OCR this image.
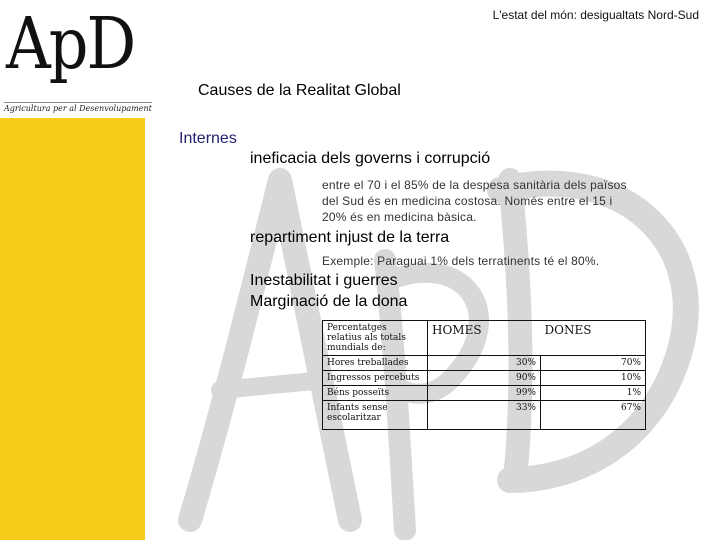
ApD
Agricultura per al Desenvolupament
L'estat del món: desigualtats Nord-Sud
Causes de la Realitat Global
Internes
ineficacia dels governs i corrupció
entre el 70 i el 85% de la despesa sanitària dels països
del Sud és en medicina costosa. Només entre el 15 i
20% és en medicina bàsica.
repartiment injust de la terra
Exemple: Paraguai 1% dels terratinents té el 80%.
Inestabilitat i guerres
Marginació de la dona
Percentatges relatius als totals mundials de:	HOMES	DONES
Hores treballades	30%	70%
Ingressos percebuts	90%	10%
Béns posseïts	99%	1%
Infants sense escolaritzar	33%	67%
